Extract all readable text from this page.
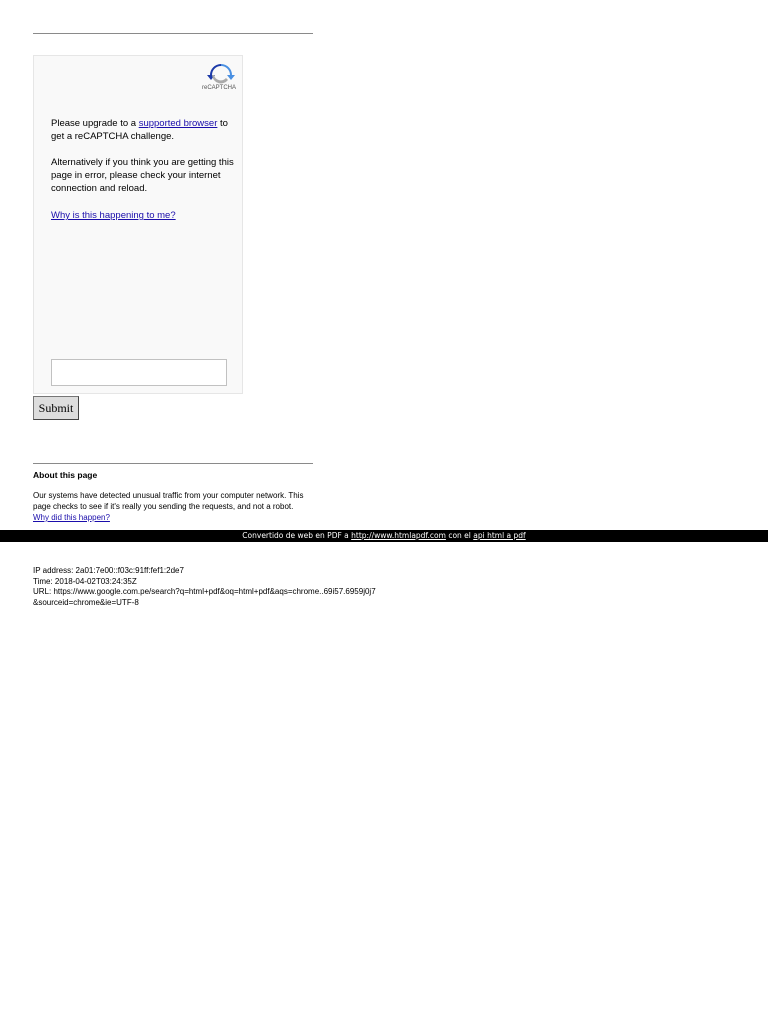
reCAPTCHA
Please upgrade to a supported browser to get a reCAPTCHA challenge.
Alternatively if you think you are getting this page in error, please check your internet connection and reload.
Why is this happening to me?
Submit
About this page
Our systems have detected unusual traffic from your computer network. This page checks to see if it's really you sending the requests, and not a robot. Why did this happen?
Convertido de web en PDF a http://www.htmlapdf.com con el api html a pdf
IP address: 2a01:7e00::f03c:91ff:fef1:2de7
Time: 2018-04-02T03:24:35Z
URL: https://www.google.com.pe/search?q=html+pdf&oq=html+pdf&aqs=chrome..69i57.6959j0j7&sourceid=chrome&ie=UTF-8
